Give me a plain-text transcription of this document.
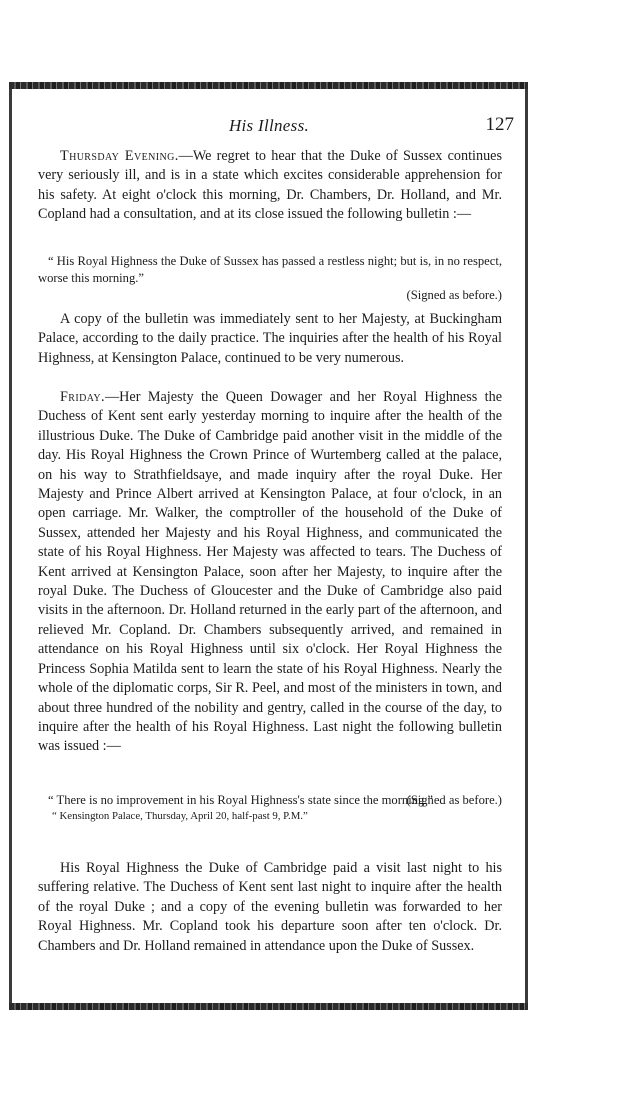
His Illness.	127

Thursday Evening.—We regret to hear that the Duke of Sussex continues very seriously ill, and is in a state which excites considerable apprehension for his safety. At eight o'clock this morning, Dr. Chambers, Dr. Holland, and Mr. Copland had a consultation, and at its close issued the following bulletin :—

“ His Royal Highness the Duke of Sussex has passed a restless night; but is, in no respect, worse this morning.”

(Signed as before.)

A copy of the bulletin was immediately sent to her Majesty, at Buckingham Palace, according to the daily practice. The inquiries after the health of his Royal Highness, at Kensington Palace, continued to be very numerous.

Friday.—Her Majesty the Queen Dowager and her Royal Highness the Duchess of Kent sent early yesterday morning to inquire after the health of the illustrious Duke. The Duke of Cambridge paid another visit in the middle of the day. His Royal Highness the Crown Prince of Wurtemberg called at the palace, on his way to Strathfieldsaye, and made inquiry after the royal Duke. Her Majesty and Prince Albert arrived at Kensington Palace, at four o'clock, in an open carriage. Mr. Walker, the comptroller of the household of the Duke of Sussex, attended her Majesty and his Royal Highness, and communicated the state of his Royal Highness. Her Majesty was affected to tears. The Duchess of Kent arrived at Kensington Palace, soon after her Majesty, to inquire after the royal Duke. The Duchess of Gloucester and the Duke of Cambridge also paid visits in the afternoon. Dr. Holland returned in the early part of the afternoon, and relieved Mr. Copland. Dr. Chambers subsequently arrived, and remained in attendance on his Royal Highness until six o'clock. Her Royal Highness the Princess Sophia Matilda sent to learn the state of his Royal Highness. Nearly the whole of the diplomatic corps, Sir R. Peel, and most of the ministers in town, and about three hundred of the nobility and gentry, called in the course of the day, to inquire after the health of his Royal Highness. Last night the following bulletin was issued :—

“ There is no improvement in his Royal Highness's state since the morning.”

(Signed as before.)

“ Kensington Palace, Thursday, April 20, half-past 9, P.M.”

His Royal Highness the Duke of Cambridge paid a visit last night to his suffering relative. The Duchess of Kent sent last night to inquire after the health of the royal Duke ; and a copy of the evening bulletin was forwarded to her Royal Highness. Mr. Copland took his departure soon after ten o'clock. Dr. Chambers and Dr. Holland remained in attendance upon the Duke of Sussex.
